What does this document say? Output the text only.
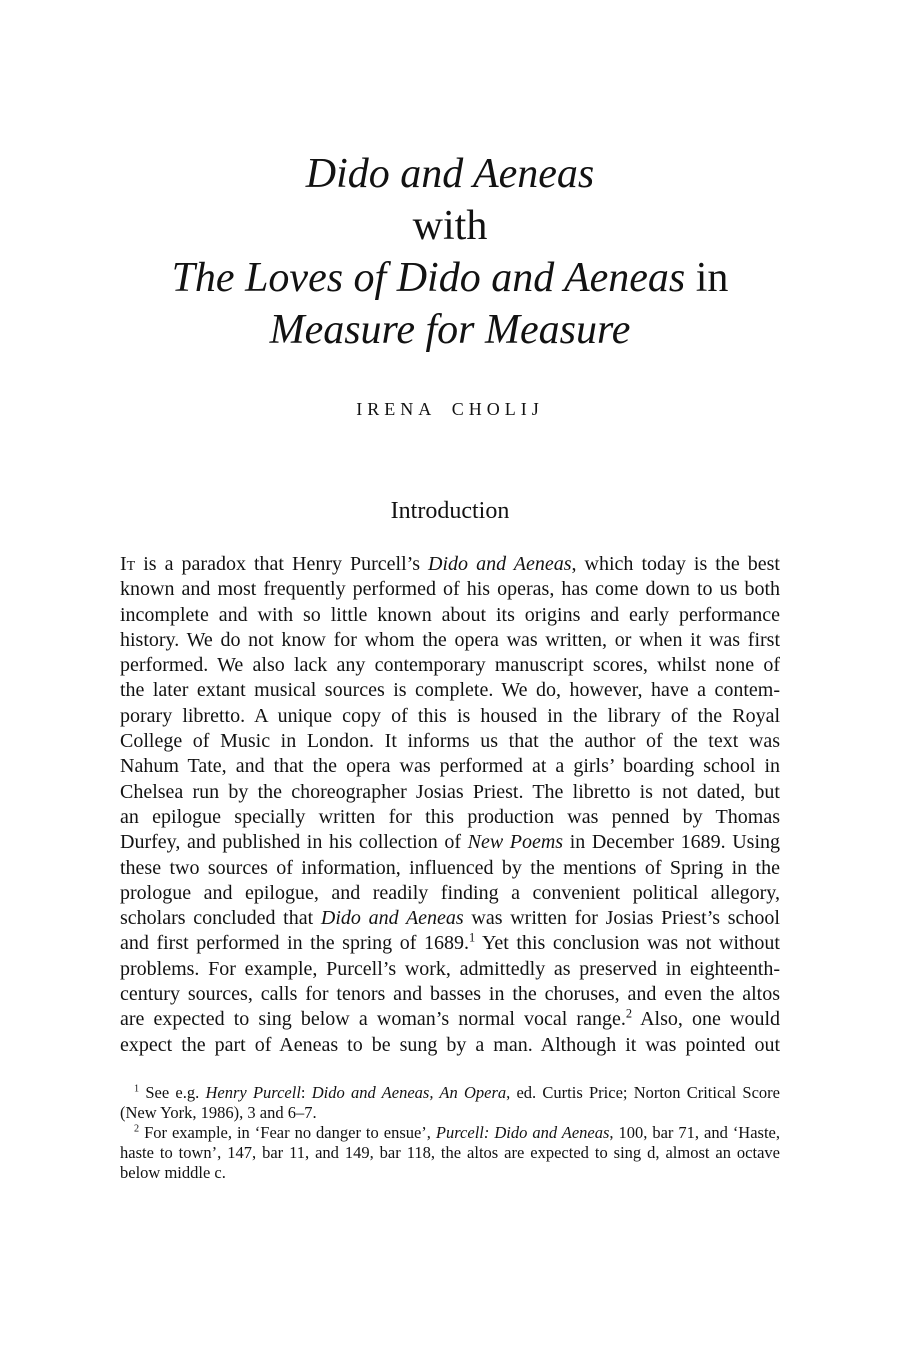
Dido and Aeneas
with
The Loves of Dido and Aeneas in
Measure for Measure
IRENA CHOLIJ
Introduction
It is a paradox that Henry Purcell’s Dido and Aeneas, which today is the best
known and most frequently performed of his operas, has come down to us both
incomplete and with so little known about its origins and early performance
history. We do not know for whom the opera was written, or when it was first
performed. We also lack any contemporary manuscript scores, whilst none of
the later extant musical sources is complete. We do, however, have a contem-
porary libretto. A unique copy of this is housed in the library of the Royal
College of Music in London. It informs us that the author of the text was
Nahum Tate, and that the opera was performed at a girls’ boarding school in
Chelsea run by the choreographer Josias Priest. The libretto is not dated, but
an epilogue specially written for this production was penned by Thomas
Durfey, and published in his collection of New Poems in December 1689. Using
these two sources of information, influenced by the mentions of Spring in the
prologue and epilogue, and readily finding a convenient political allegory,
scholars concluded that Dido and Aeneas was written for Josias Priest’s school
and first performed in the spring of 1689.$^1$ Yet this conclusion was not without
problems. For example, Purcell’s work, admittedly as preserved in eighteenth-
century sources, calls for tenors and basses in the choruses, and even the altos
are expected to sing below a woman’s normal vocal range.$^2$ Also, one would
expect the part of Aeneas to be sung by a man. Although it was pointed out
$^1$ See e.g. Henry Purcell: Dido and Aeneas, An Opera, ed. Curtis Price; Norton Critical Score
(New York, 1986), 3 and 6–7.
$^2$ For example, in ‘Fear no danger to ensue’, Purcell: Dido and Aeneas, 100, bar 71, and ‘Haste,
haste to town’, 147, bar 11, and 149, bar 118, the altos are expected to sing d, almost an octave
below middle c.
